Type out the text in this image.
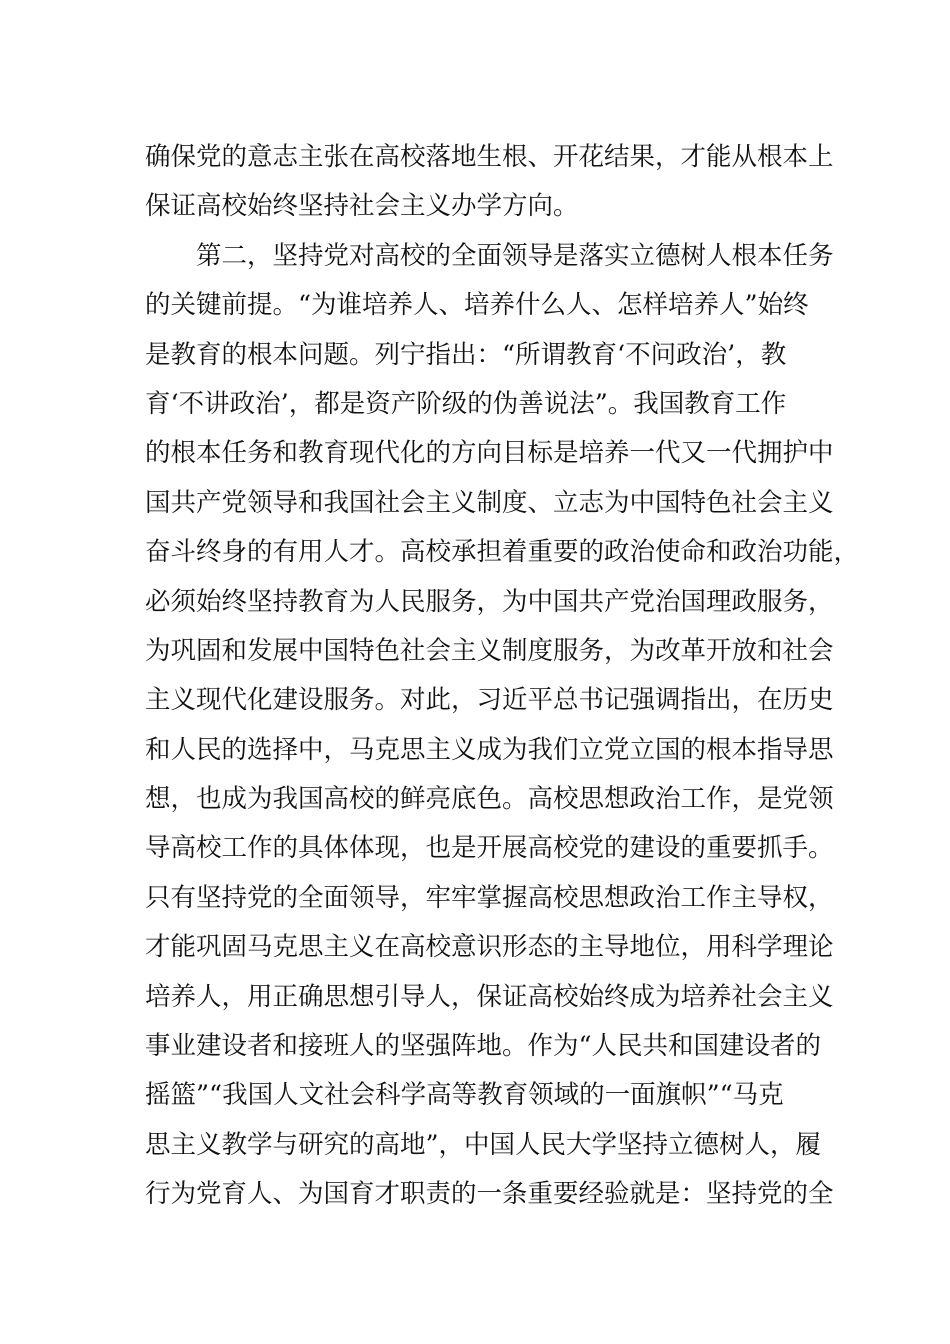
确保党的意志主张在高校落地生根、开花结果，才能从根本上
保证高校始终坚持社会主义办学方向。
第二，坚持党对高校的全面领导是落实立德树人根本任务
的关键前提。“为谁培养人、培养什么人、怎样培养人”始终
是教育的根本问题。列宁指出：“所谓教育‘不问政治’，教
育‘不讲政治’，都是资产阶级的伪善说法”。我国教育工作
的根本任务和教育现代化的方向目标是培养一代又一代拥护中
国共产党领导和我国社会主义制度、立志为中国特色社会主义
奋斗终身的有用人才。高校承担着重要的政治使命和政治功能，
必须始终坚持教育为人民服务，为中国共产党治国理政服务，
为巩固和发展中国特色社会主义制度服务，为改革开放和社会
主义现代化建设服务。对此，习近平总书记强调指出，在历史
和人民的选择中，马克思主义成为我们立党立国的根本指导思
想，也成为我国高校的鲜亮底色。高校思想政治工作，是党领
导高校工作的具体体现，也是开展高校党的建设的重要抓手。
只有坚持党的全面领导，牢牢掌握高校思想政治工作主导权，
才能巩固马克思主义在高校意识形态的主导地位，用科学理论
培养人，用正确思想引导人，保证高校始终成为培养社会主义
事业建设者和接班人的坚强阵地。作为“人民共和国建设者的
摇篮”“我国人文社会科学高等教育领域的一面旗帜”“马克
思主义教学与研究的高地”，中国人民大学坚持立德树人，履
行为党育人、为国育才职责的一条重要经验就是：坚持党的全
